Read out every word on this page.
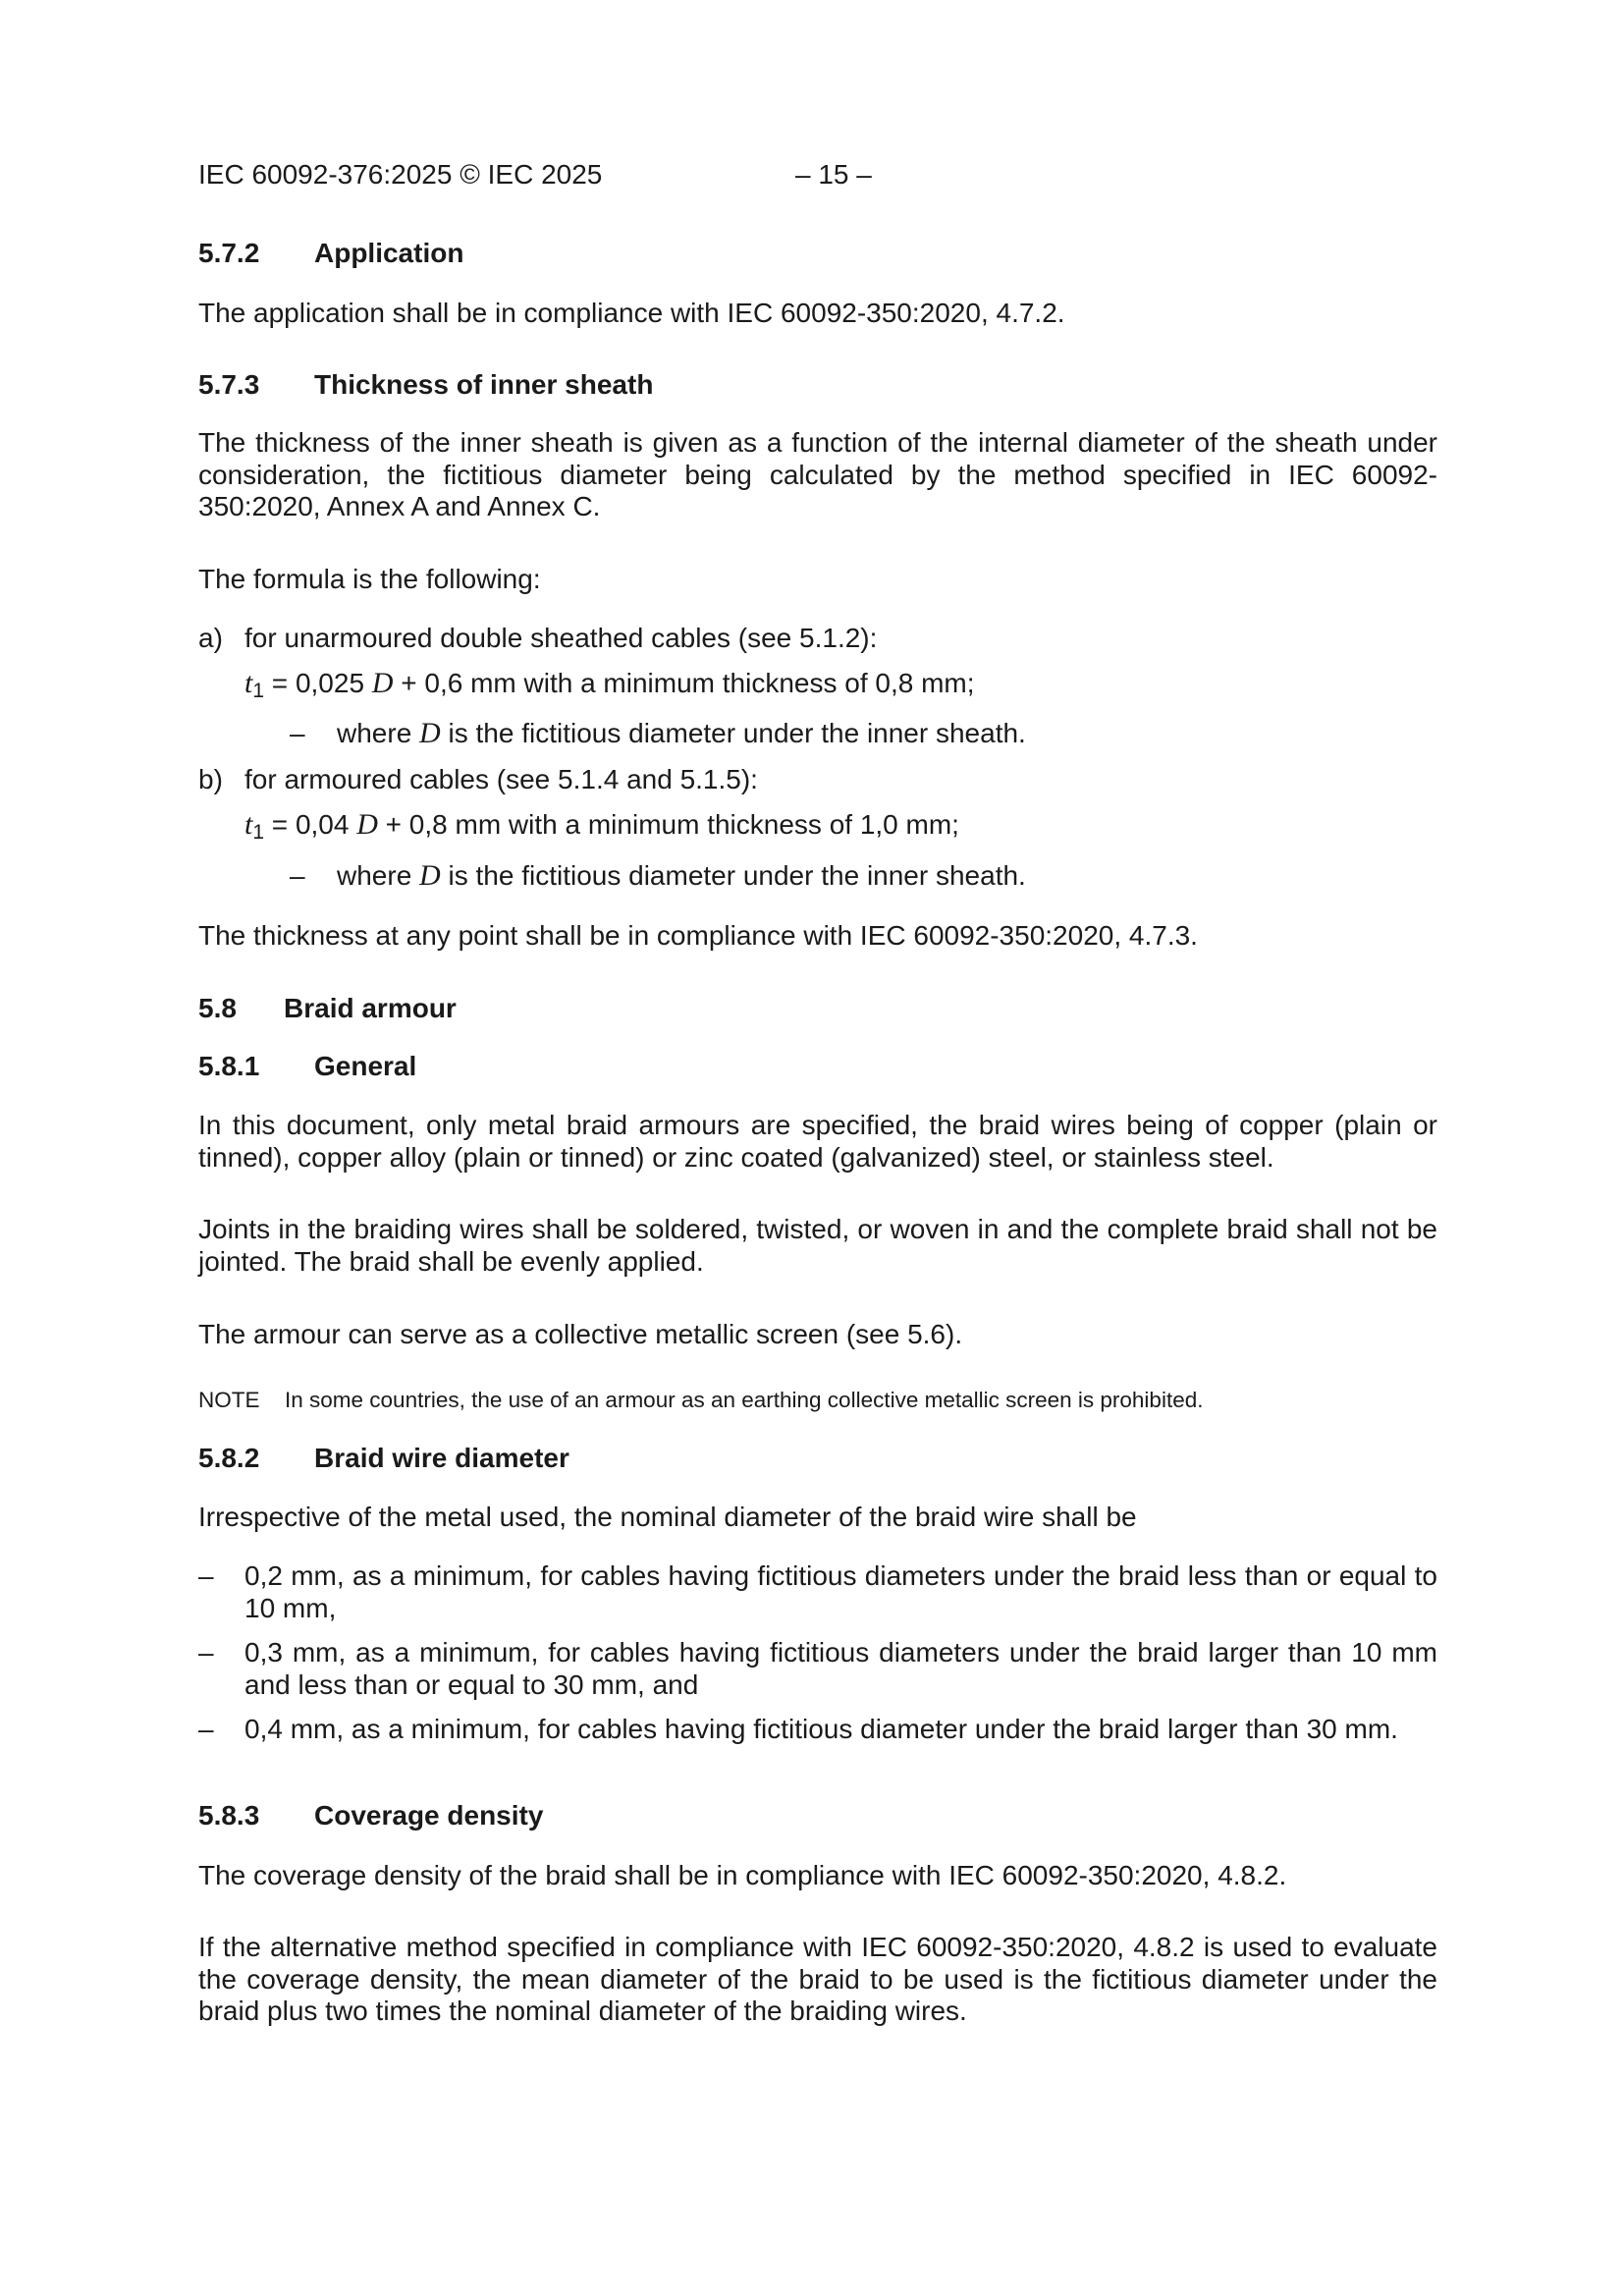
IEC 60092-376:2025 © IEC 2025	– 15 –
5.7.2 Application
The application shall be in compliance with IEC 60092-350:2020, 4.7.2.
5.7.3 Thickness of inner sheath
The thickness of the inner sheath is given as a function of the internal diameter of the sheath under consideration, the fictitious diameter being calculated by the method specified in IEC 60092-350:2020, Annex A and Annex C.
The formula is the following:
a) for unarmoured double sheathed cables (see 5.1.2):
$t_1 = 0,025$ D + 0,6 mm with a minimum thickness of 0,8 mm;
– where D is the fictitious diameter under the inner sheath.
b) for armoured cables (see 5.1.4 and 5.1.5):
$t_1 = 0,04$ D + 0,8 mm with a minimum thickness of 1,0 mm;
– where D is the fictitious diameter under the inner sheath.
The thickness at any point shall be in compliance with IEC 60092-350:2020, 4.7.3.
5.8 Braid armour
5.8.1 General
In this document, only metal braid armours are specified, the braid wires being of copper (plain or tinned), copper alloy (plain or tinned) or zinc coated (galvanized) steel, or stainless steel.
Joints in the braiding wires shall be soldered, twisted, or woven in and the complete braid shall not be jointed. The braid shall be evenly applied.
The armour can serve as a collective metallic screen (see 5.6).
NOTE In some countries, the use of an armour as an earthing collective metallic screen is prohibited.
5.8.2 Braid wire diameter
Irrespective of the metal used, the nominal diameter of the braid wire shall be
– 0,2 mm, as a minimum, for cables having fictitious diameters under the braid less than or equal to 10 mm,
– 0,3 mm, as a minimum, for cables having fictitious diameters under the braid larger than 10 mm and less than or equal to 30 mm, and
– 0,4 mm, as a minimum, for cables having fictitious diameter under the braid larger than 30 mm.
5.8.3 Coverage density
The coverage density of the braid shall be in compliance with IEC 60092-350:2020, 4.8.2.
If the alternative method specified in compliance with IEC 60092-350:2020, 4.8.2 is used to evaluate the coverage density, the mean diameter of the braid to be used is the fictitious diameter under the braid plus two times the nominal diameter of the braiding wires.
